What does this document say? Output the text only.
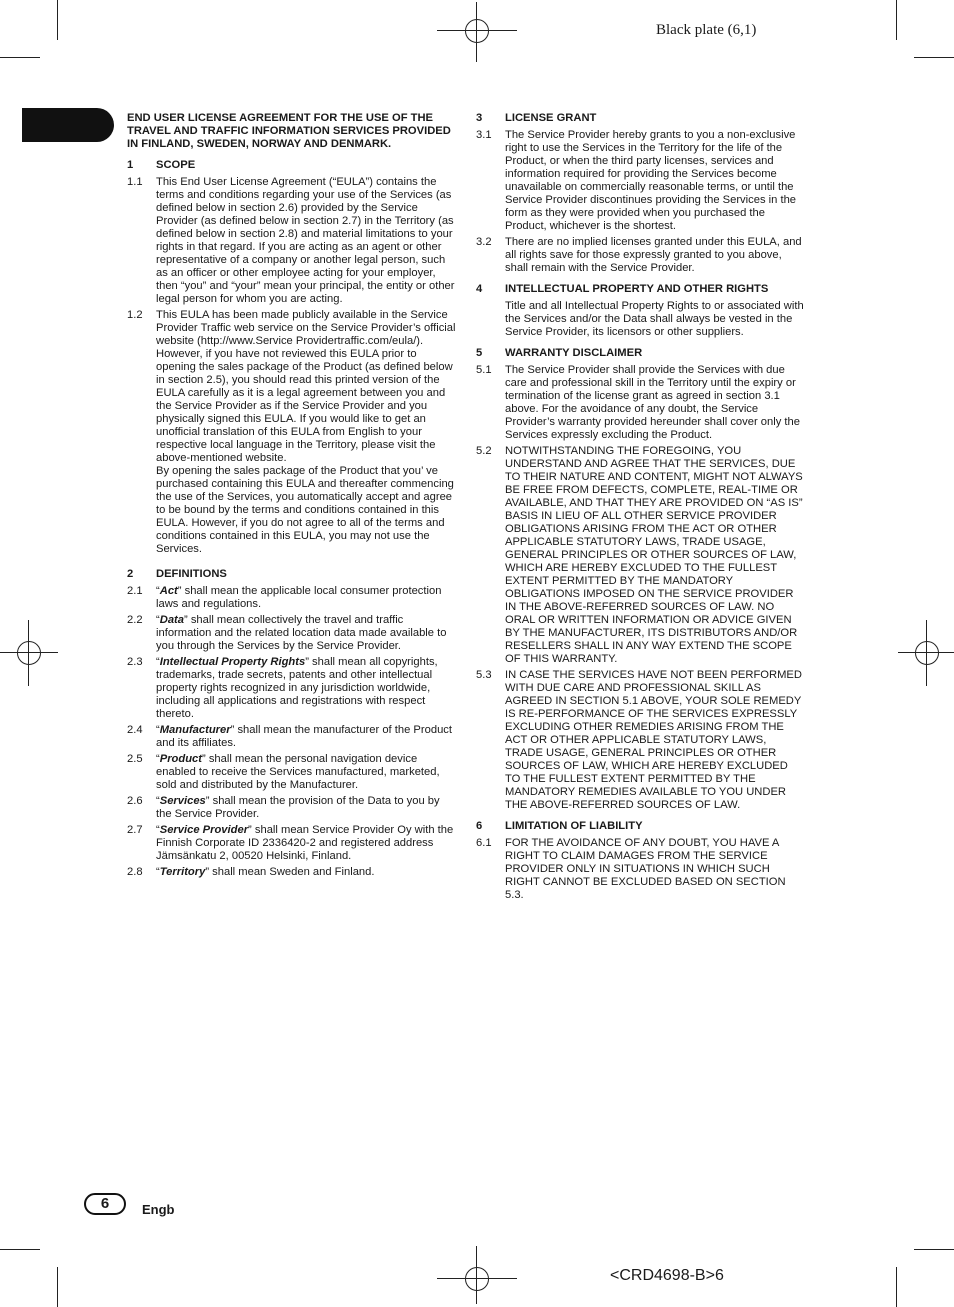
Black plate (6,1)
END USER LICENSE AGREEMENT FOR THE USE OF THE TRAVEL AND TRAFFIC INFORMATION SERVICES PROVIDED IN FINLAND, SWEDEN, NORWAY AND DENMARK.
1	SCOPE
1.1	This End User License Agreement (“EULA”) contains the terms and conditions regarding your use of the Services (as defined below in section 2.6) provided by the Service Provider (as defined below in section 2.7) in the Territory (as defined below in section 2.8) and material limitations to your rights in that regard. If you are acting as an agent or other representative of a company or another legal person, such as an officer or other employee acting for your employer, then “you” and “your” mean your principal, the entity or other legal person for whom you are acting.
1.2	This EULA has been made publicly available in the Service Provider Traffic web service on the Service Provider’s official website (http://www.Service Providertraffic.com/eula/). However, if you have not reviewed this EULA prior to opening the sales package of the Product (as defined below in section 2.5), you should read this printed version of the EULA carefully as it is a legal agreement between you and the Service Provider as if the Service Provider and you physically signed this EULA. If you would like to get an unofficial translation of this EULA from English to your respective local language in the Territory, please visit the above-mentioned website.

By opening the sales package of the Product that you’ ve purchased containing this EULA and thereafter commencing the use of the Services, you automatically accept and agree to be bound by the terms and conditions contained in this EULA. However, if you do not agree to all of the terms and conditions contained in this EULA, you may not use the Services.

2	DEFINITIONS
2.1	“Act” shall mean the applicable local consumer protection laws and regulations.
2.2	“Data” shall mean collectively the travel and traffic information and the related location data made available to you through the Services by the Service Provider.
2.3	“Intellectual Property Rights” shall mean all copyrights, trademarks, trade secrets, patents and other intellectual property rights recognized in any jurisdiction worldwide, including all applications and registrations with respect thereto.
2.4	“Manufacturer” shall mean the manufacturer of the Product and its affiliates.
2.5	“Product” shall mean the personal navigation device enabled to receive the Services manufactured, marketed, sold and distributed by the Manufacturer.
2.6	“Services” shall mean the provision of the Data to you by the Service Provider.
2.7	“Service Provider” shall mean Service Provider Oy with the Finnish Corporate ID 2336420-2 and registered address Jämsänkatu 2, 00520 Helsinki, Finland.
2.8	“Territory” shall mean Sweden and Finland.
3	LICENSE GRANT
3.1	The Service Provider hereby grants to you a non-exclusive right to use the Services in the Territory for the life of the Product, or when the third party licenses, services and information required for providing the Services become unavailable on commercially reasonable terms, or until the Service Provider discontinues providing the Services in the form as they were provided when you purchased the Product, whichever is the shortest.
3.2	There are no implied licenses granted under this EULA, and all rights save for those expressly granted to you above, shall remain with the Service Provider.
4	INTELLECTUAL PROPERTY AND OTHER RIGHTS

Title and all Intellectual Property Rights to or associated with the Services and/or the Data shall always be vested in the Service Provider, its licensors or other suppliers.

5	WARRANTY DISCLAIMER
5.1	The Service Provider shall provide the Services with due care and professional skill in the Territory until the expiry or termination of the license grant as agreed in section 3.1 above. For the avoidance of any doubt, the Service Provider’s warranty provided hereunder shall cover only the Services expressly excluding the Product.
5.2	NOTWITHSTANDING THE FOREGOING, YOU UNDERSTAND AND AGREE THAT THE SERVICES, DUE TO THEIR NATURE AND CONTENT, MIGHT NOT ALWAYS BE FREE FROM DEFECTS, COMPLETE, REAL-TIME OR AVAILABLE, AND THAT THEY ARE PROVIDED ON “AS IS” BASIS IN LIEU OF ALL OTHER SERVICE PROVIDER OBLIGATIONS ARISING FROM THE ACT OR OTHER APPLICABLE STATUTORY LAWS, TRADE USAGE, GENERAL PRINCIPLES OR OTHER SOURCES OF LAW, WHICH ARE HEREBY EXCLUDED TO THE FULLEST EXTENT PERMITTED BY THE MANDATORY OBLIGATIONS IMPOSED ON THE SERVICE PROVIDER IN THE ABOVE-REFERRED SOURCES OF LAW. NO ORAL OR WRITTEN INFORMATION OR ADVICE GIVEN BY THE MANUFACTURER, ITS DISTRIBUTORS AND/OR RESELLERS SHALL IN ANY WAY EXTEND THE SCOPE OF THIS WARRANTY.
5.3	IN CASE THE SERVICES HAVE NOT BEEN PERFORMED WITH DUE CARE AND PROFESSIONAL SKILL AS AGREED IN SECTION 5.1 ABOVE, YOUR SOLE REMEDY IS RE-PERFORMANCE OF THE SERVICES EXPRESSLY EXCLUDING OTHER REMEDIES ARISING FROM THE ACT OR OTHER APPLICABLE STATUTORY LAWS, TRADE USAGE, GENERAL PRINCIPLES OR OTHER SOURCES OF LAW, WHICH ARE HEREBY EXCLUDED TO THE FULLEST EXTENT PERMITTED BY THE MANDATORY REMEDIES AVAILABLE TO YOU UNDER THE ABOVE-REFERRED SOURCES OF LAW.
6	LIMITATION OF LIABILITY
6.1	FOR THE AVOIDANCE OF ANY DOUBT, YOU HAVE A RIGHT TO CLAIM DAMAGES FROM THE SERVICE PROVIDER ONLY IN SITUATIONS IN WHICH SUCH RIGHT CANNOT BE EXCLUDED BASED ON SECTION 5.3.
6	Engb
<CRD4698-B>6
